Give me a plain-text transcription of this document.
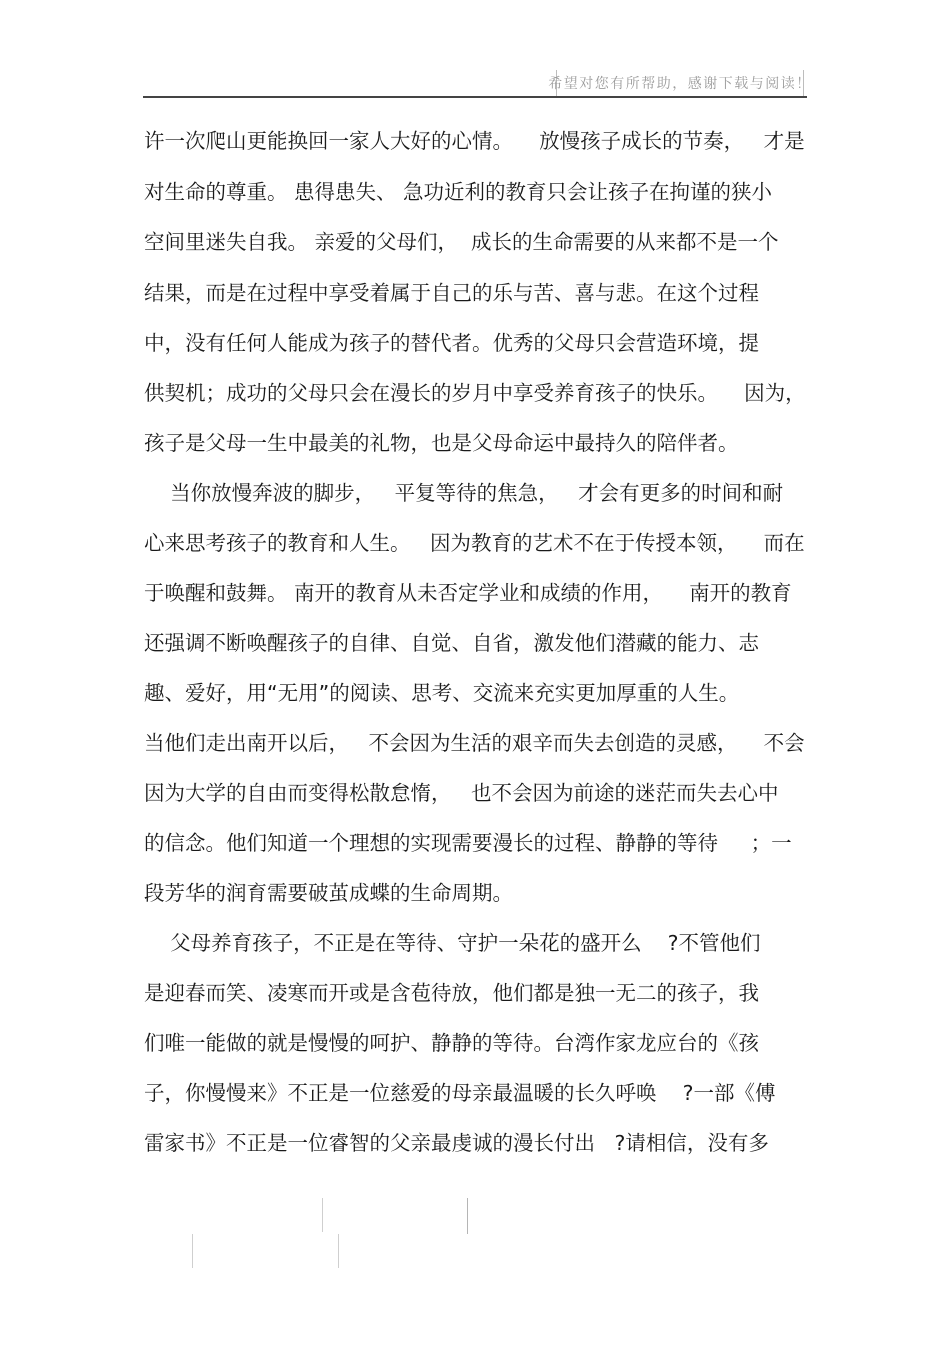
希望对您有所帮助，感谢下载与阅读！
许一次爬山更能换回一家人大好的心情。    放慢孩子成长的节奏，   才是
对生命的尊重。 患得患失、 急功近利的教育只会让孩子在拘谨的狭小
空间里迷失自我。 亲爱的父母们，  成长的生命需要的从来都不是一个
结果，而是在过程中享受着属于自己的乐与苦、喜与悲。在这个过程
中，没有任何人能成为孩子的替代者。优秀的父母只会营造环境，提
供契机；成功的父母只会在漫长的岁月中享受养育孩子的快乐。    因为，
孩子是父母一生中最美的礼物，也是父母命运中最持久的陪伴者。
当你放慢奔波的脚步，   平复等待的焦急，   才会有更多的时间和耐
心来思考孩子的教育和人生。   因为教育的艺术不在于传授本领，    而在
于唤醒和鼓舞。 南开的教育从未否定学业和成绩的作用，    南开的教育
还强调不断唤醒孩子的自律、自觉、自省，激发他们潜藏的能力、志
趣、爱好，用“无用”的阅读、思考、交流来充实更加厚重的人生。
当他们走出南开以后，   不会因为生活的艰辛而失去创造的灵感，    不会
因为大学的自由而变得松散怠惰，   也不会因为前途的迷茫而失去心中
的信念。他们知道一个理想的实现需要漫长的过程、静静的等待     ；一
段芳华的润育需要破茧成蝶的生命周期。
父母养育孩子，不正是在等待、守护一朵花的盛开么    ?不管他们
是迎春而笑、凌寒而开或是含苞待放，他们都是独一无二的孩子，我
们唯一能做的就是慢慢的呵护、静静的等待。台湾作家龙应台的《孩
子，你慢慢来》不正是一位慈爱的母亲最温暖的长久呼唤    ?一部《傅
雷家书》不正是一位睿智的父亲最虔诚的漫长付出   ?请相信，没有多
